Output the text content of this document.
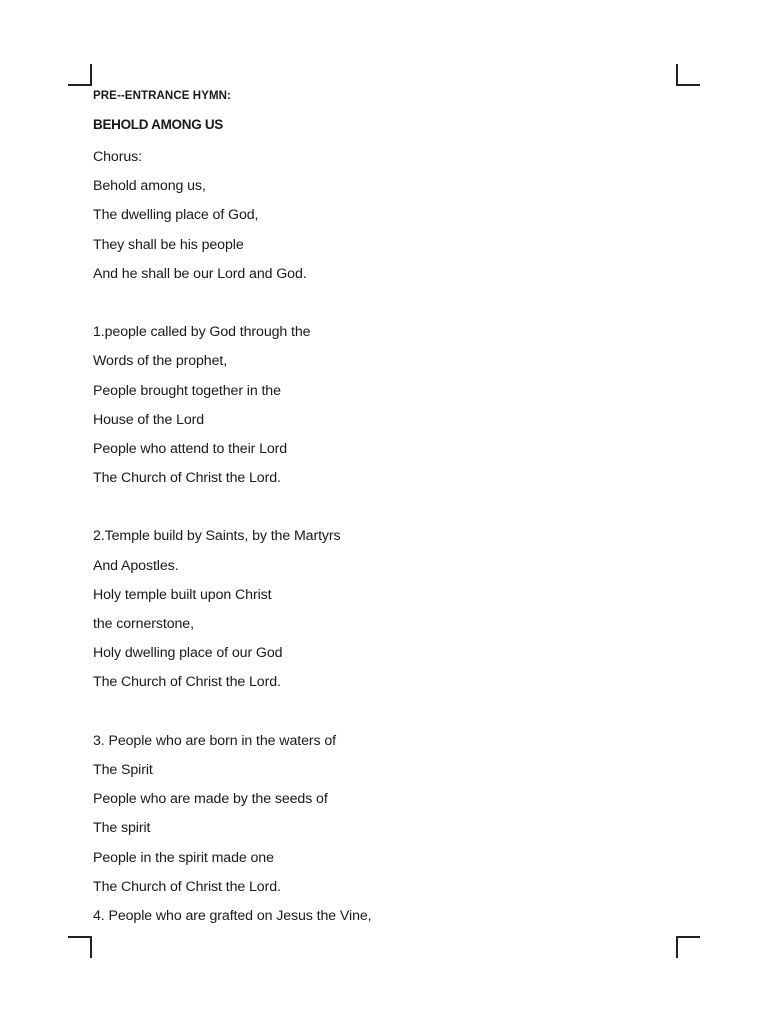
PRE--ENTRANCE HYMN:
BEHOLD AMONG US
Chorus:
Behold among us,
The dwelling place of God,
They shall be his people
And he shall be our Lord and God.
1.people called by God through the
Words of the prophet,
People brought together in the
House of the Lord
People who attend to their Lord
The Church of Christ the Lord.
2.Temple build by Saints, by the Martyrs
And Apostles.
Holy temple built upon Christ
the cornerstone,
Holy dwelling place of our God
The Church of Christ the Lord.
3. People who are born in the waters of
The Spirit
People who are made by the seeds of
The spirit
People in the spirit made one
The Church of Christ the Lord.
4. People who are grafted on Jesus the Vine,
